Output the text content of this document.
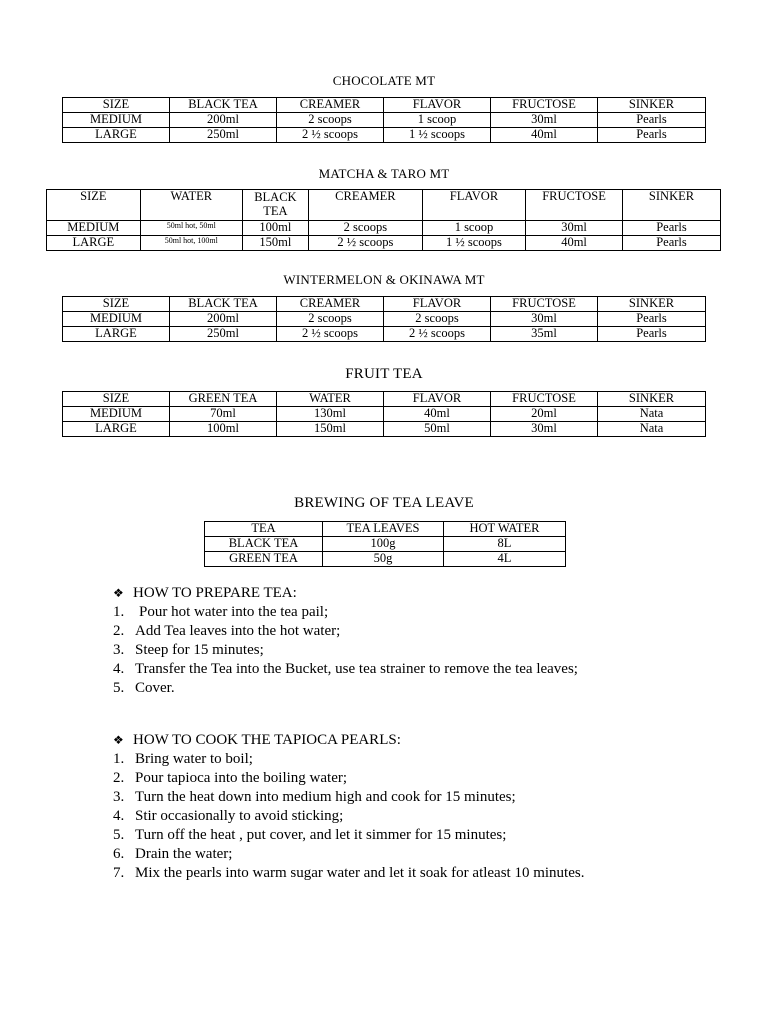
CHOCOLATE MT
SIZE	BLACK TEA	CREAMER	FLAVOR	FRUCTOSE	SINKER
MEDIUM	200ml	2 scoops	1 scoop	30ml	Pearls
LARGE	250ml	2 ½ scoops	1 ½ scoops	40ml	Pearls
MATCHA & TARO MT
SIZE	WATER	BLACK TEA	CREAMER	FLAVOR	FRUCTOSE	SINKER
MEDIUM	50ml hot, 50ml	100ml	2 scoops	1 scoop	30ml	Pearls
LARGE	50ml hot, 100ml	150ml	2 ½ scoops	1 ½ scoops	40ml	Pearls
WINTERMELON & OKINAWA MT
SIZE	BLACK TEA	CREAMER	FLAVOR	FRUCTOSE	SINKER
MEDIUM	200ml	2 scoops	2 scoops	30ml	Pearls
LARGE	250ml	2 ½ scoops	2 ½ scoops	35ml	Pearls
FRUIT TEA
SIZE	GREEN TEA	WATER	FLAVOR	FRUCTOSE	SINKER
MEDIUM	70ml	130ml	40ml	20ml	Nata
LARGE	100ml	150ml	50ml	30ml	Nata
BREWING OF TEA LEAVE
TEA	TEA LEAVES	HOT WATER
BLACK TEA	100g	8L
GREEN TEA	50g	4L
❖ HOW TO PREPARE TEA:
1. Pour hot water into the tea pail;
2. Add Tea leaves into the hot water;
3. Steep for 15 minutes;
4. Transfer the Tea into the Bucket, use tea strainer to remove the tea leaves;
5. Cover.
❖ HOW TO COOK THE TAPIOCA PEARLS:
1. Bring water to boil;
2. Pour tapioca into the boiling water;
3. Turn the heat down into medium high and cook for 15 minutes;
4. Stir occasionally to avoid sticking;
5. Turn off the heat , put cover, and let it simmer for 15 minutes;
6. Drain the water;
7. Mix the pearls into warm sugar water and let it soak for atleast 10 minutes.
